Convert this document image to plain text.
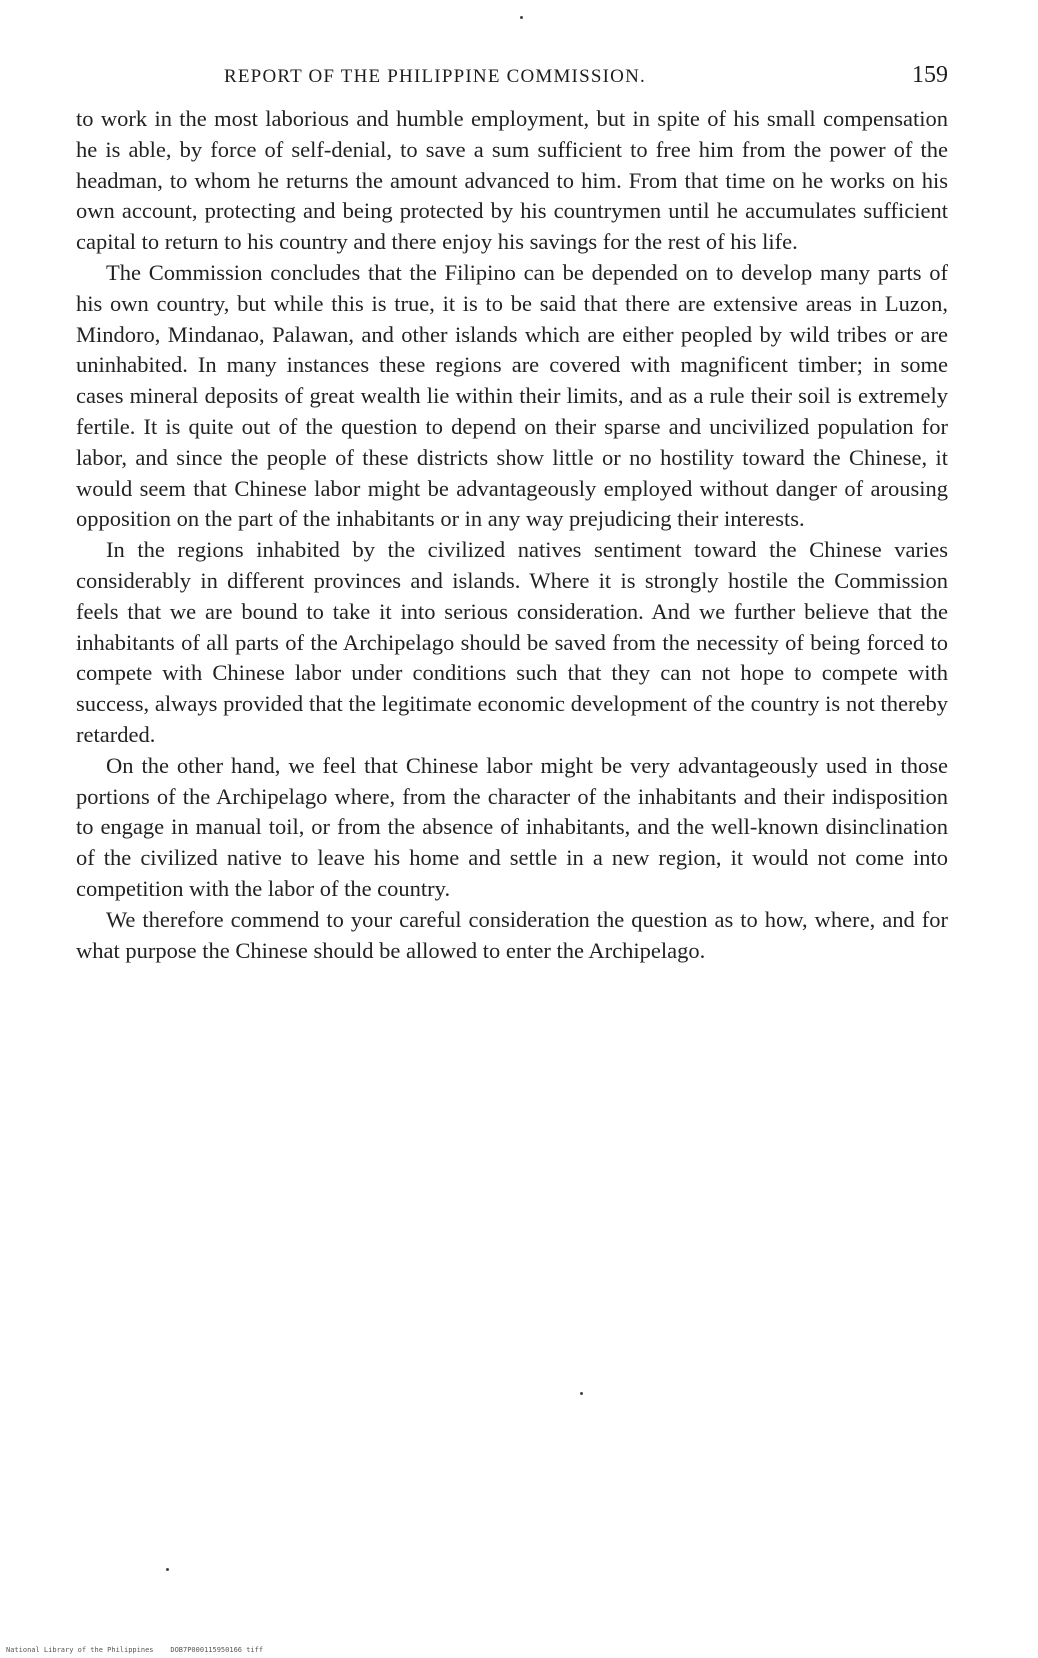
REPORT OF THE PHILIPPINE COMMISSION.	159

to work in the most laborious and humble employment, but in spite of his small compensation he is able, by force of self-denial, to save a sum sufficient to free him from the power of the headman, to whom he returns the amount advanced to him. From that time on he works on his own account, protecting and being protected by his countrymen until he accumulates sufficient capital to return to his country and there enjoy his savings for the rest of his life.

The Commission concludes that the Filipino can be depended on to develop many parts of his own country, but while this is true, it is to be said that there are extensive areas in Luzon, Mindoro, Mindanao, Palawan, and other islands which are either peopled by wild tribes or are uninhabited. In many instances these regions are covered with magnificent timber; in some cases mineral deposits of great wealth lie within their limits, and as a rule their soil is extremely fertile. It is quite out of the question to depend on their sparse and uncivilized population for labor, and since the people of these districts show little or no hostility toward the Chinese, it would seem that Chinese labor might be advantageously employed without danger of arousing opposition on the part of the inhabitants or in any way prejudicing their interests.

In the regions inhabited by the civilized natives sentiment toward the Chinese varies considerably in different provinces and islands. Where it is strongly hostile the Commission feels that we are bound to take it into serious consideration. And we further believe that the inhabitants of all parts of the Archipelago should be saved from the necessity of being forced to compete with Chinese labor under conditions such that they can not hope to compete with success, always provided that the legitimate economic development of the country is not thereby retarded.

On the other hand, we feel that Chinese labor might be very advantageously used in those portions of the Archipelago where, from the character of the inhabitants and their indisposition to engage in manual toil, or from the absence of inhabitants, and the well-known disinclination of the civilized native to leave his home and settle in a new region, it would not come into competition with the labor of the country.

We therefore commend to your careful consideration the question as to how, where, and for what purpose the Chinese should be allowed to enter the Archipelago.

National Library of the Philippines    DOB7P000115950166 tiff
